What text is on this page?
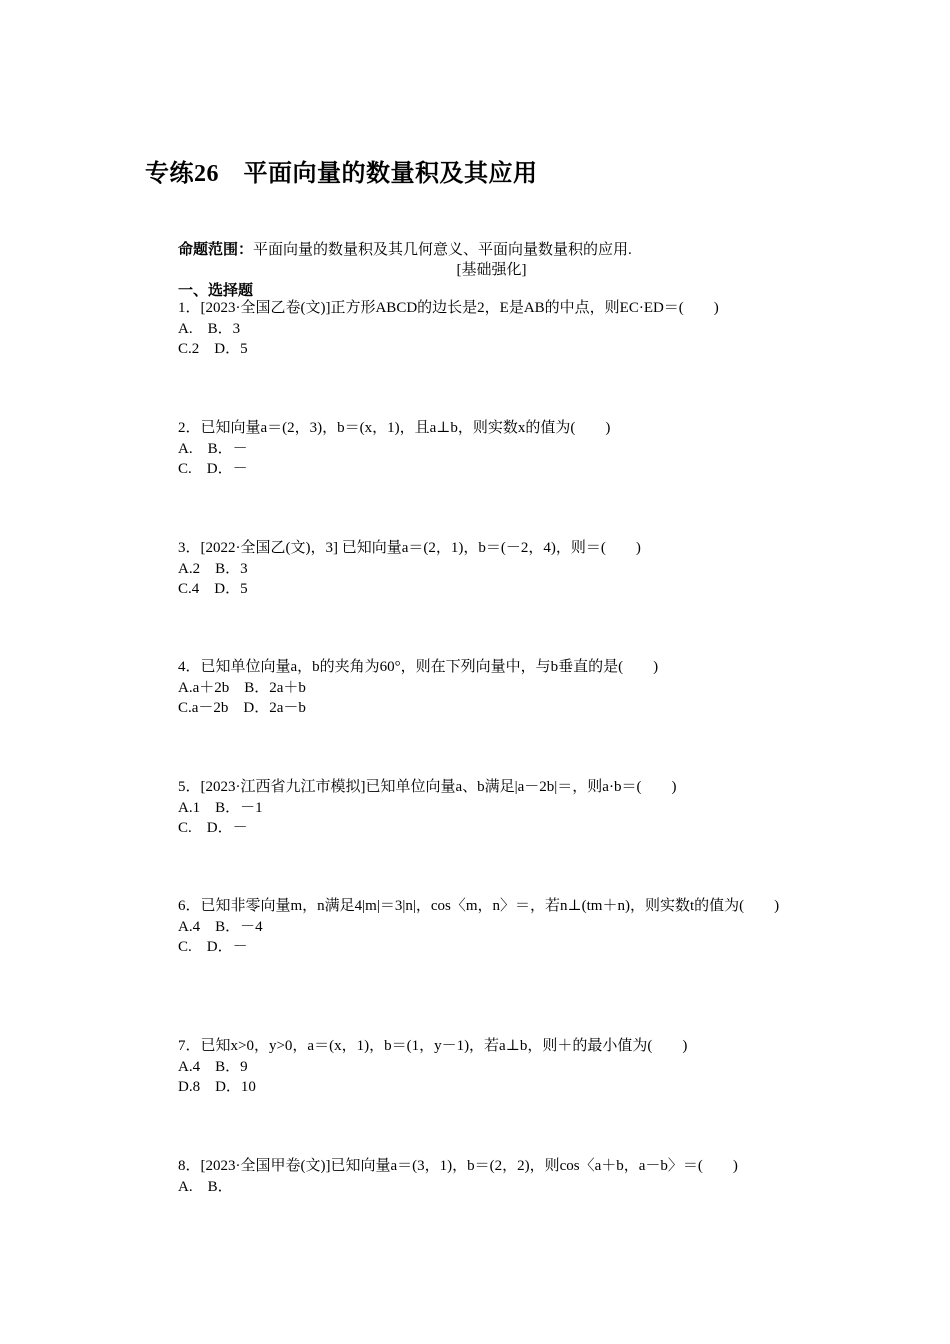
专练26　平面向量的数量积及其应用
命题范围：平面向量的数量积及其几何意义、平面向量数量积的应用.
[基础强化]
一、选择题
1．[2023·全国乙卷(文)]正方形ABCD的边长是2，E是AB的中点，则EC·ED＝(　　)
A.　B．3
C.2　D．5
2．已知向量a＝(2，3)，b＝(x，1)，且a⊥b，则实数x的值为(　　)
A.　B．－
C.　D．－
3．[2022·全国乙(文)，3] 已知向量a＝(2，1)，b＝(－2，4)，则＝(　　)
A.2　B．3
C.4　D．5
4．已知单位向量a，b的夹角为60°，则在下列向量中，与b垂直的是(　　)
A.a＋2b　B．2a＋b
C.a－2b　D．2a－b
5．[2023·江西省九江市模拟]已知单位向量a、b满足|a－2b|＝，则a·b＝(　　)
A.1　B．－1
C.　D．－
6．已知非零向量m，n满足4|m|＝3|n|，cos〈m，n〉＝，若n⊥(tm＋n)，则实数t的值为(　　)
A.4　B．－4
C.　D．－
7．已知x>0，y>0，a＝(x，1)，b＝(1，y－1)，若a⊥b，则＋的最小值为(　　)
A.4　B．9
D.8　D．10
8．[2023·全国甲卷(文)]已知向量a＝(3，1)，b＝(2，2)，则cos〈a＋b，a－b〉＝(　　)
A.　B．
